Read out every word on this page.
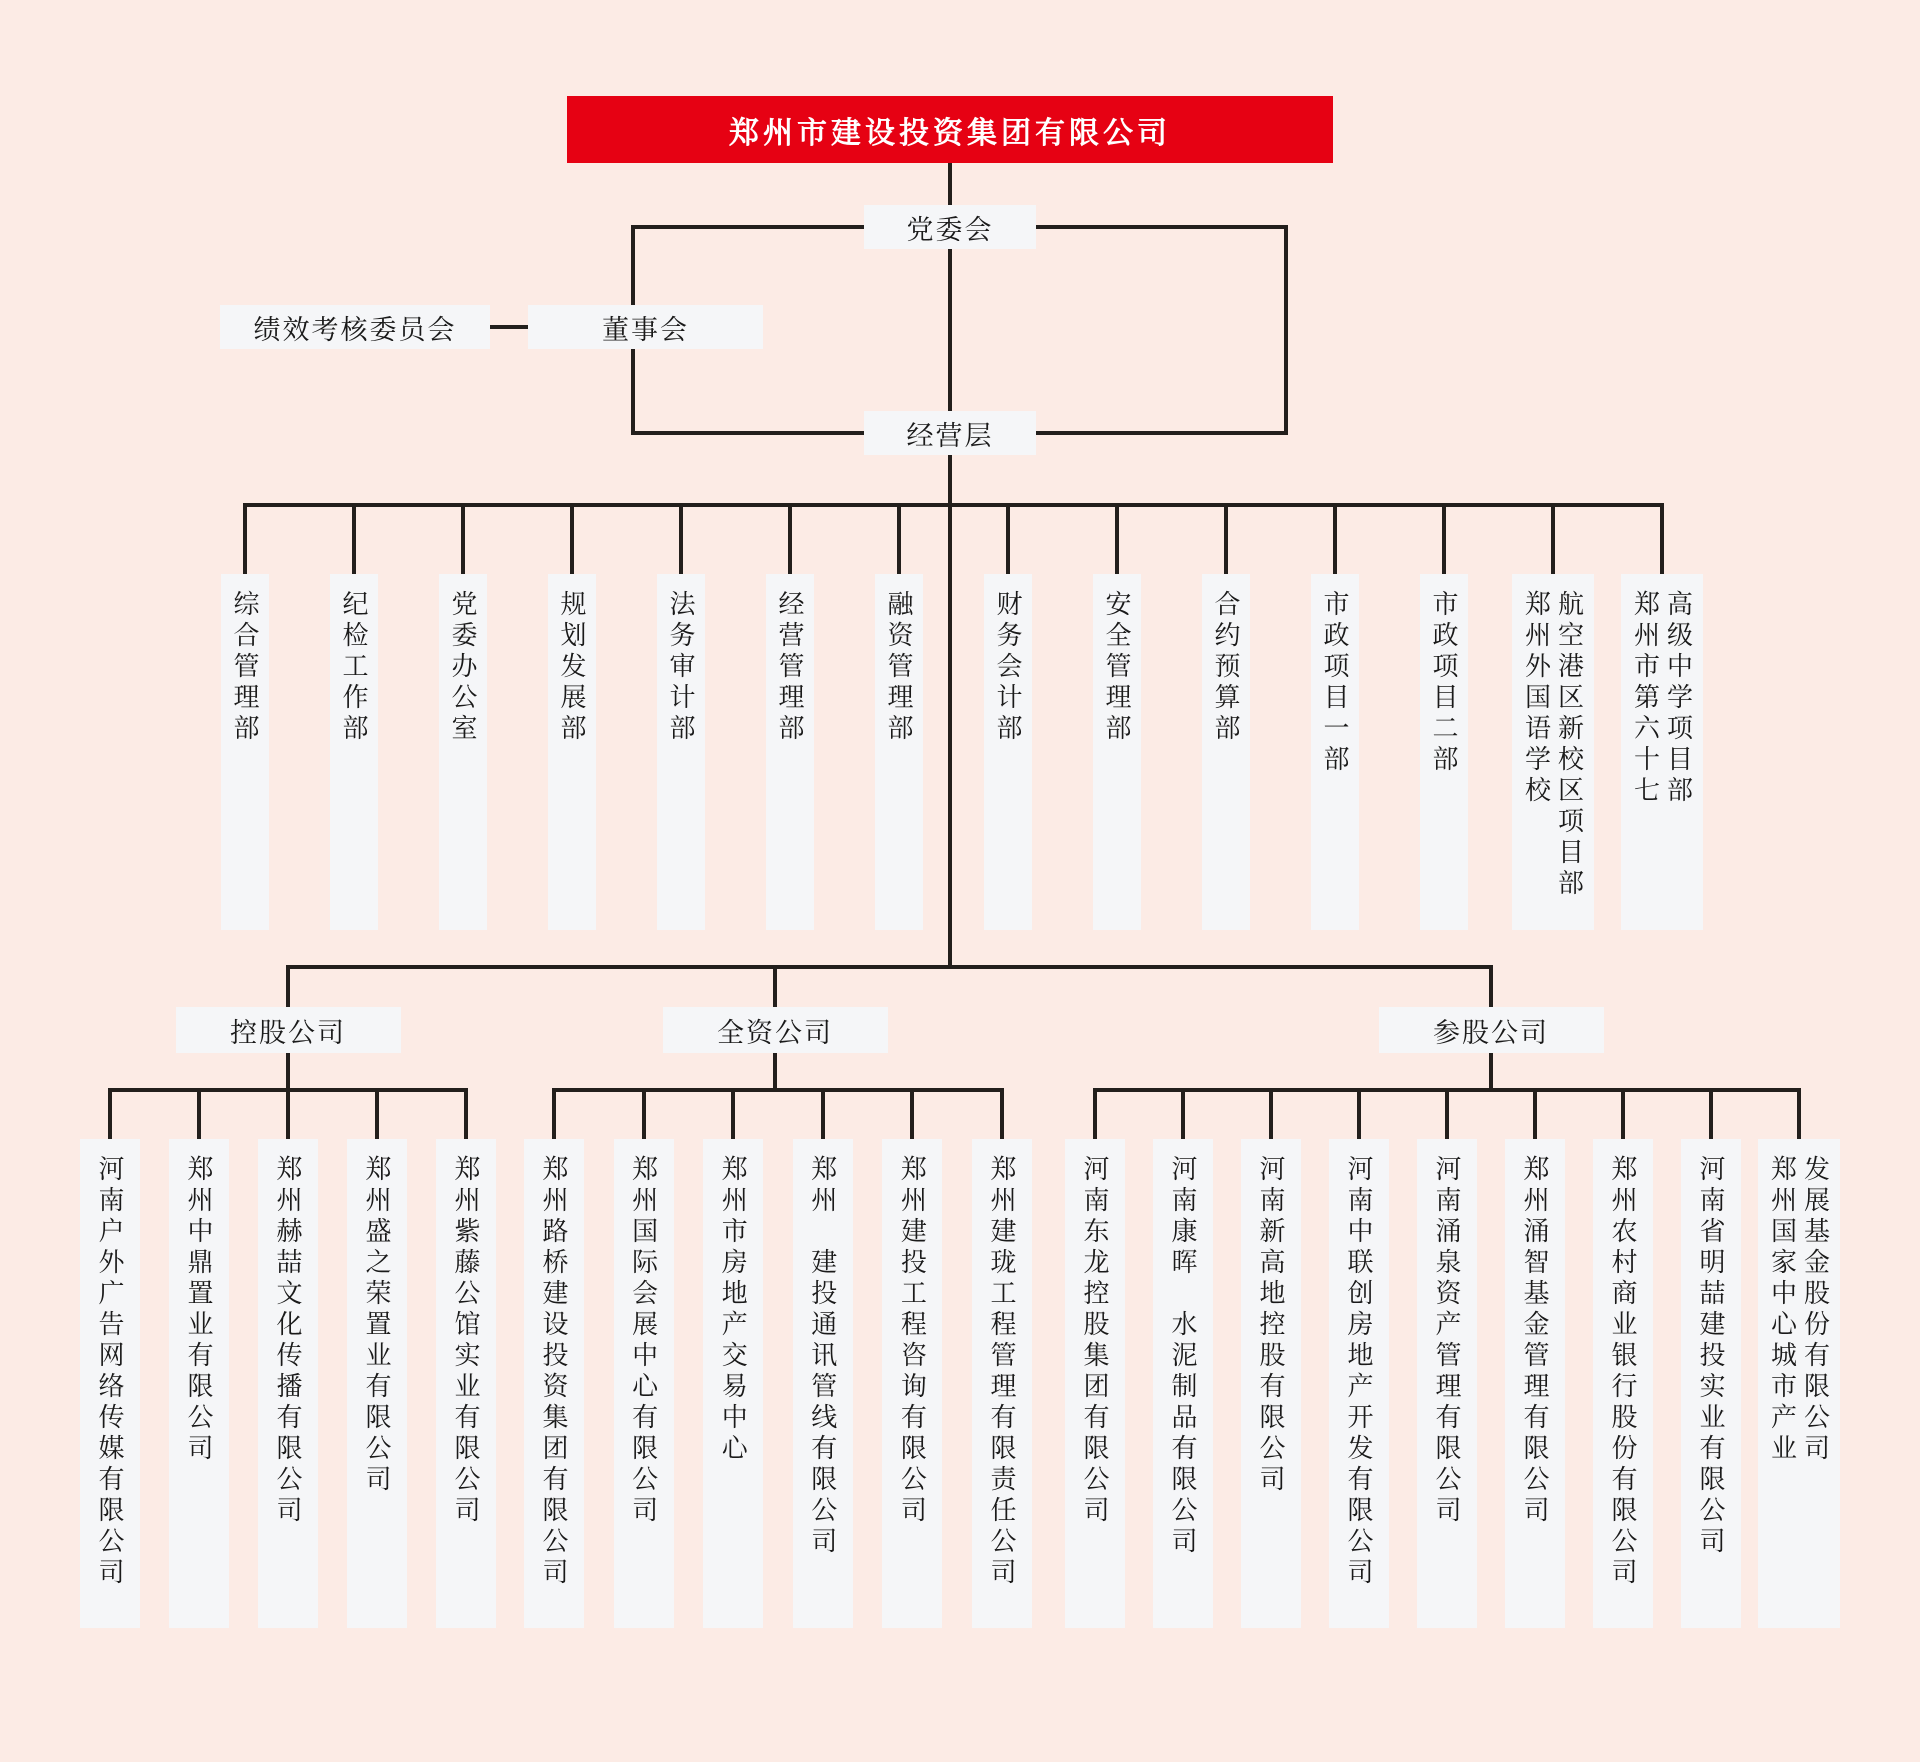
郑州市建设投资集团有限公司
党委会
绩效考核委员会	董事会
经营层
综合管理部	纪检工作部	党委办公室	规划发展部	法务审计部	经营管理部	融资管理部	财务会计部	安全管理部	合约预算部	市政项目一部	市政项目二部 郑州外国语学校 航空港区新校区项目部 郑州市第六十七 高级中学项目部
控股公司
河南户外广告网络传媒有限公司 郑州中鼎置业有限公司 郑州赫喆文化传播有限公司 郑州盛之荣置业有限公司 郑州紫藤公馆实业有限公司
全资公司
郑州路桥建设投资集团有限公司 郑州国际会展中心有限公司 郑州市房地产交易中心 郑州　建投通讯管线有限公司 郑州建投工程咨询有限公司 郑州建珑工程管理有限责任公司
参股公司
河南东龙控股集团有限公司 河南康晖　水泥制品有限公司 河南新高地控股有限公司 河南中联创房地产开发有限公司 河南涌泉资产管理有限公司 郑州涌智基金管理有限公司 郑州农村商业银行股份有限公司 河南省明喆建投实业有限公司 郑州国家中心城市产业 发展基金股份有限公司
